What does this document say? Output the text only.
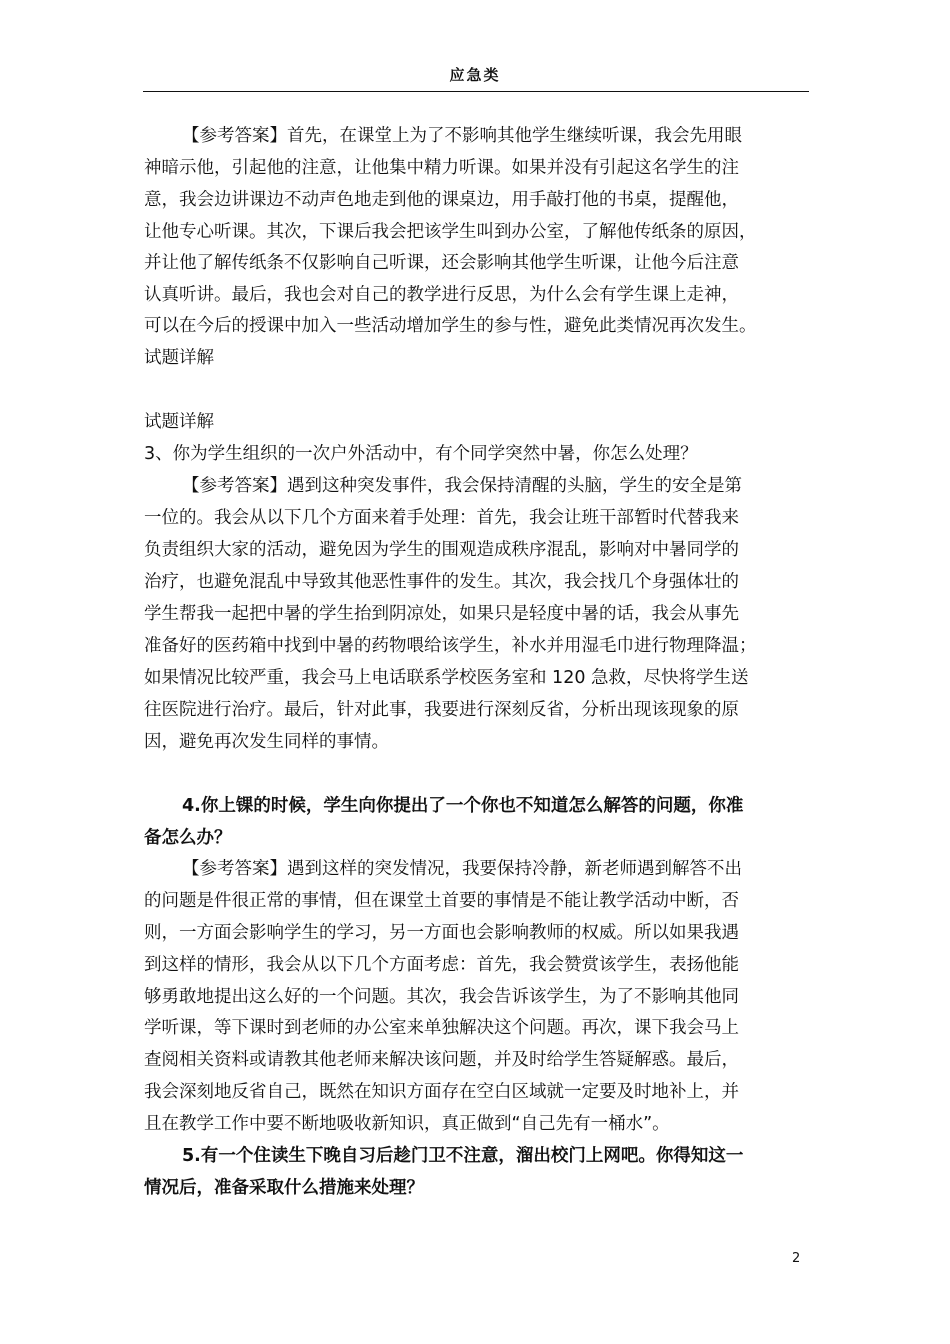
应急类
【参考答案】首先，在课堂上为了不影响其他学生继续听课，我会先用眼
神暗示他，引起他的注意，让他集中精力听课。如果并没有引起这名学生的注
意，我会边讲课边不动声色地走到他的课桌边，用手敲打他的书桌，提醒他，
让他专心听课。其次，下课后我会把该学生叫到办公室，了解他传纸条的原因，
并让他了解传纸条不仅影响自己听课，还会影响其他学生听课，让他今后注意
认真听讲。最后，我也会对自己的教学进行反思，为什么会有学生课上走神，
可以在今后的授课中加入一些活动增加学生的参与性，避免此类情况再次发生。
试题详解
试题详解
3、你为学生组织的一次户外活动中，有个同学突然中暑，你怎么处理？
【参考答案】遇到这种突发事件，我会保持清醒的头脑，学生的安全是第
一位的。我会从以下几个方面来着手处理：首先，我会让班干部暂时代替我来
负责组织大家的活动，避免因为学生的围观造成秩序混乱，影响对中暑同学的
治疗，也避免混乱中导致其他恶性事件的发生。其次，我会找几个身强体壮的
学生帮我一起把中暑的学生抬到阴凉处，如果只是轻度中暑的话，我会从事先
准备好的医药箱中找到中暑的药物喂给该学生，补水并用湿毛巾进行物理降温；
如果情况比较严重，我会马上电话联系学校医务室和 120 急救，尽快将学生送
往医院进行治疗。最后，针对此事，我要进行深刻反省，分析出现该现象的原
因，避免再次发生同样的事情。
4.你上锞的时候，学生向你提出了一个你也不知道怎么解答的问题，你准
备怎么办？
【参考答案】遇到这样的突发情况，我要保持冷静，新老师遇到解答不出
的问题是件很正常的事情，但在课堂土首要的事情是不能让教学活动中断，否
则，一方面会影响学生的学习，另一方面也会影响教师的权威。所以如果我遇
到这样的情形，我会从以下几个方面考虑：首先，我会赞赏该学生，表扬他能
够勇敢地提出这么好的一个问题。其次，我会告诉该学生，为了不影响其他同
学听课，等下课时到老师的办公室来单独解决这个问题。再次，课下我会马上
查阅相关资料或请教其他老师来解决该问题，并及时给学生答疑解惑。最后，
我会深刻地反省自己，既然在知识方面存在空白区域就一定要及时地补上，并
且在教学工作中要不断地吸收新知识，真正做到“自己先有一桶水”。
5.有一个住读生下晚自习后趁门卫不注意，溜出校门上网吧。你得知这一
情况后，准备采取什么措施来处理？
2
